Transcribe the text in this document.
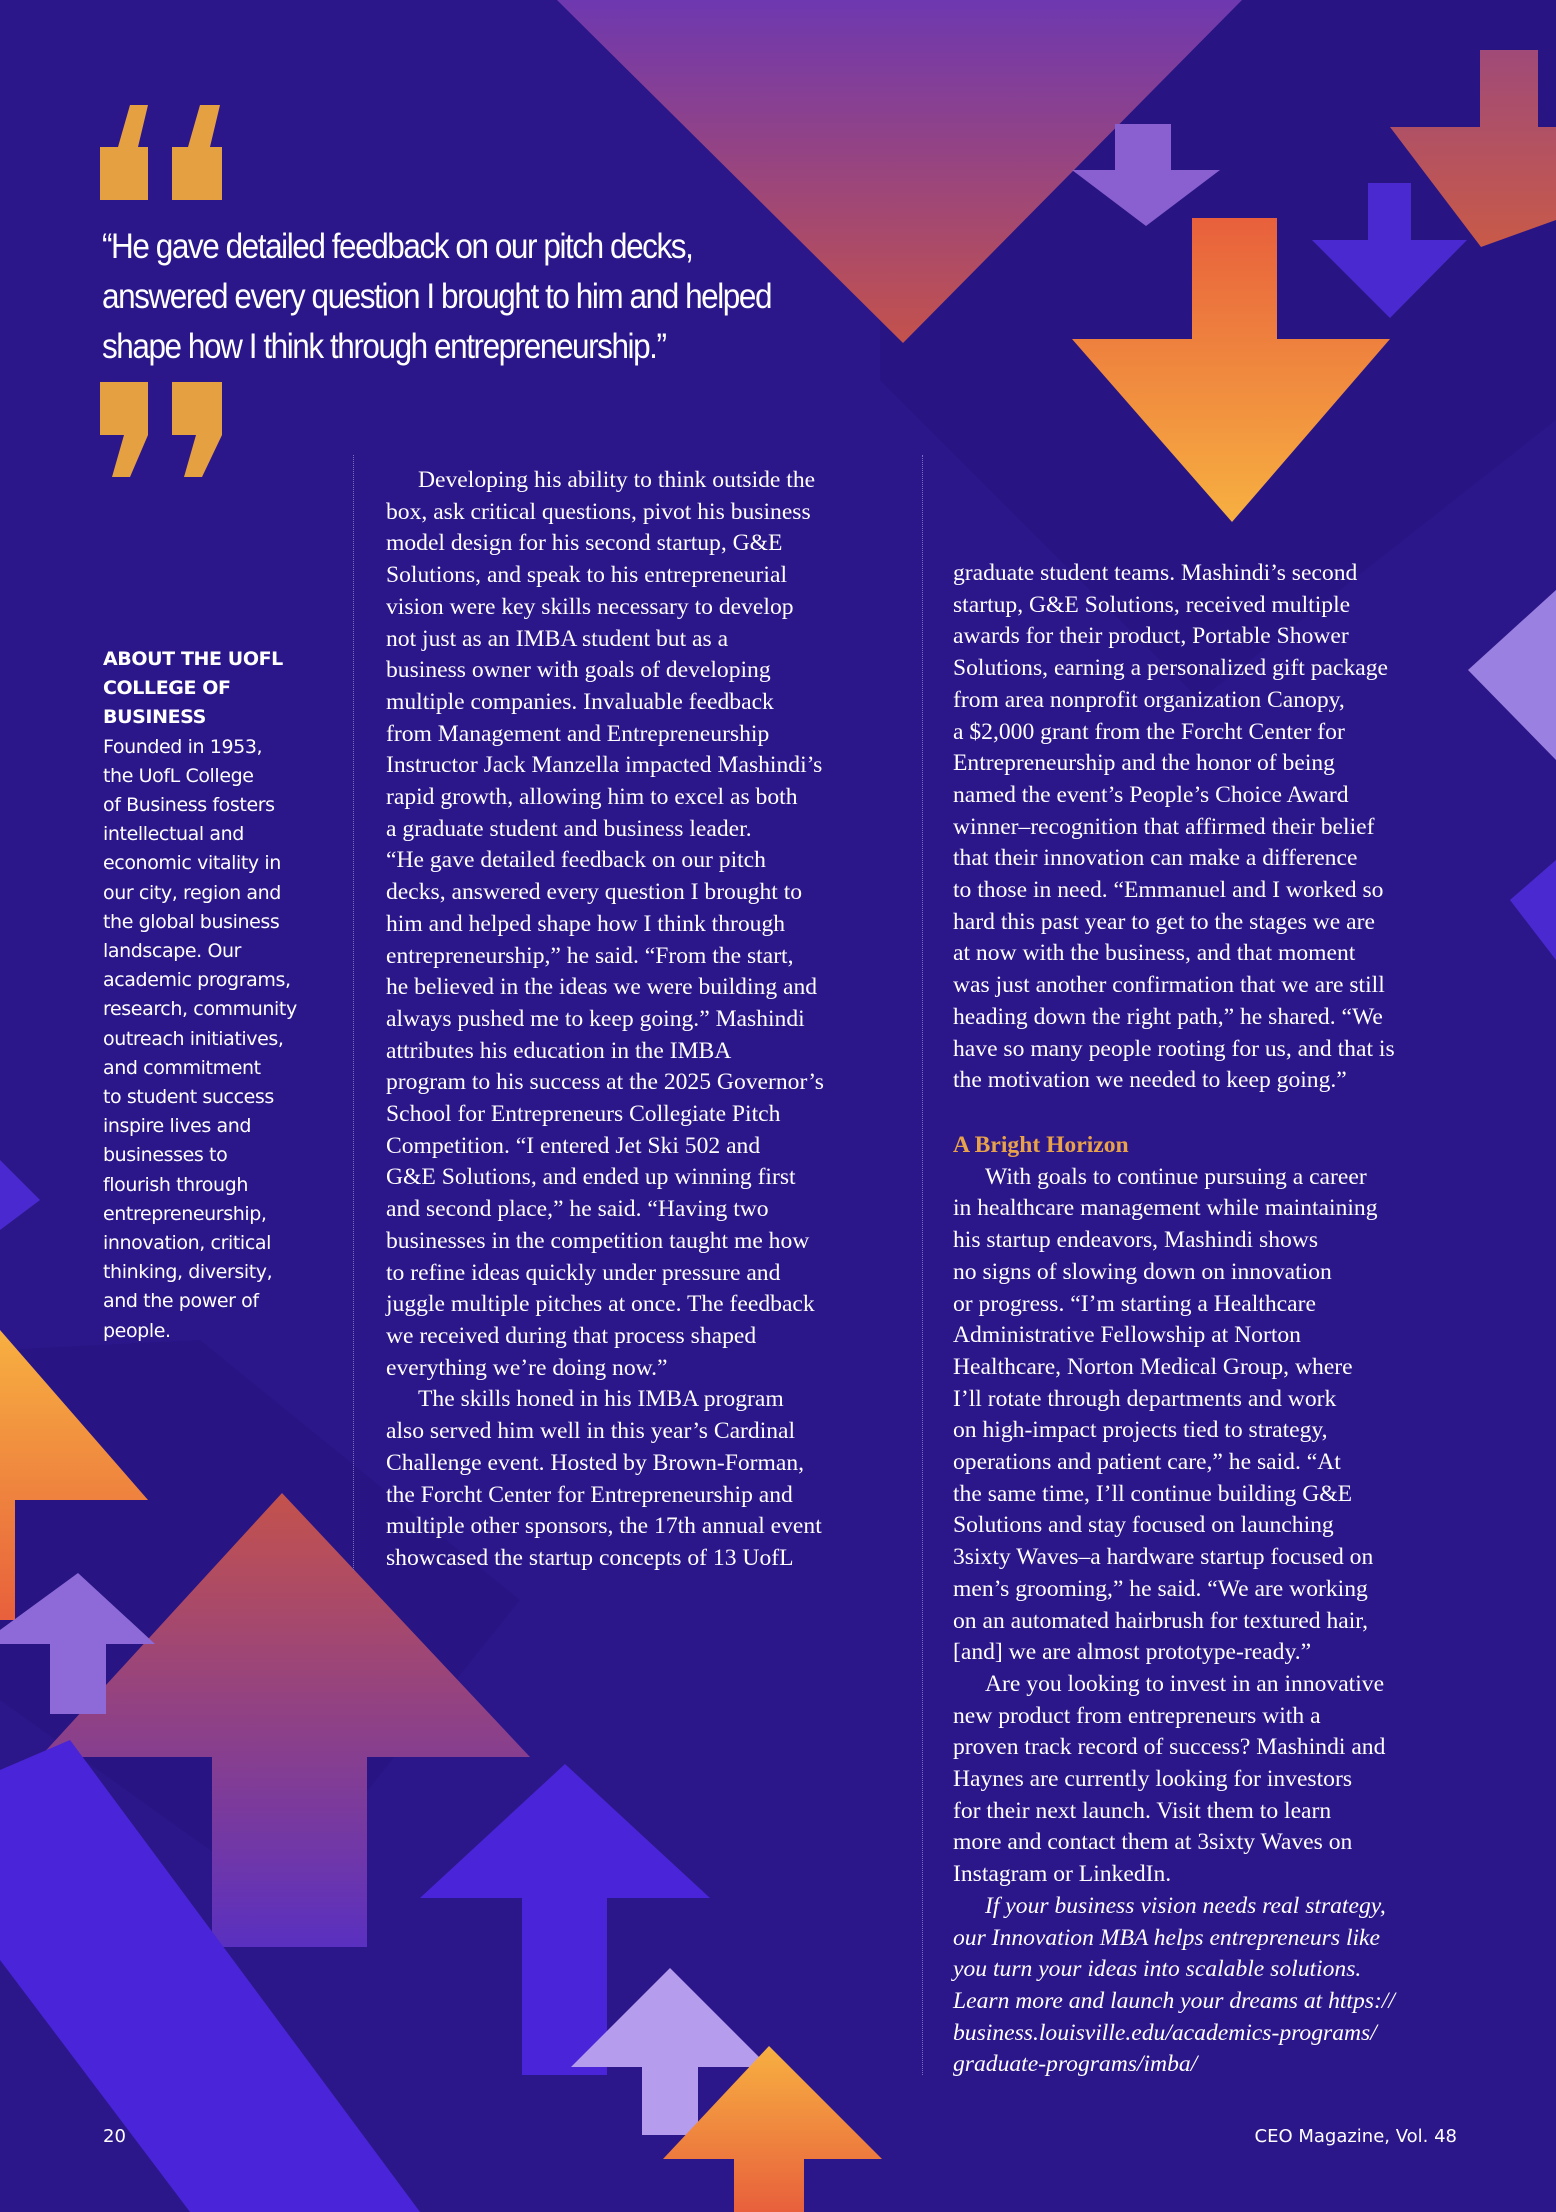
“He gave detailed feedback on our pitch decks,
answered every question I brought to him and helped
shape how I think through entrepreneurship.”
ABOUT THE UOFL
COLLEGE OF
BUSINESS
Founded in 1953,
the UofL College
of Business fosters
intellectual and
economic vitality in
our city, region and
the global business
landscape. Our
academic programs,
research, community
outreach initiatives,
and commitment
to student success
inspire lives and
businesses to
flourish through
entrepreneurship,
innovation, critical
thinking, diversity,
and the power of
people.
Developing his ability to think outside the
box, ask critical questions, pivot his business
model design for his second startup, G&E
Solutions, and speak to his entrepreneurial
vision were key skills necessary to develop
not just as an IMBA student but as a
business owner with goals of developing
multiple companies. Invaluable feedback
from Management and Entrepreneurship
Instructor Jack Manzella impacted Mashindi’s
rapid growth, allowing him to excel as both
a graduate student and business leader.
“He gave detailed feedback on our pitch
decks, answered every question I brought to
him and helped shape how I think through
entrepreneurship,” he said. “From the start,
he believed in the ideas we were building and
always pushed me to keep going.” Mashindi
attributes his education in the IMBA
program to his success at the 2025 Governor’s
School for Entrepreneurs Collegiate Pitch
Competition. “I entered Jet Ski 502 and
G&E Solutions, and ended up winning first
and second place,” he said. “Having two
businesses in the competition taught me how
to refine ideas quickly under pressure and
juggle multiple pitches at once. The feedback
we received during that process shaped
everything we’re doing now.”
The skills honed in his IMBA program
also served him well in this year’s Cardinal
Challenge event. Hosted by Brown-Forman,
the Forcht Center for Entrepreneurship and
multiple other sponsors, the 17th annual event
showcased the startup concepts of 13 UofL
graduate student teams. Mashindi’s second
startup, G&E Solutions, received multiple
awards for their product, Portable Shower
Solutions, earning a personalized gift package
from area nonprofit organization Canopy,
a $2,000 grant from the Forcht Center for
Entrepreneurship and the honor of being
named the event’s People’s Choice Award
winner–recognition that affirmed their belief
that their innovation can make a difference
to those in need. “Emmanuel and I worked so
hard this past year to get to the stages we are
at now with the business, and that moment
was just another confirmation that we are still
heading down the right path,” he shared. “We
have so many people rooting for us, and that is
the motivation we needed to keep going.”
A Bright Horizon
With goals to continue pursuing a career
in healthcare management while maintaining
his startup endeavors, Mashindi shows
no signs of slowing down on innovation
or progress. “I’m starting a Healthcare
Administrative Fellowship at Norton
Healthcare, Norton Medical Group, where
I’ll rotate through departments and work
on high-impact projects tied to strategy,
operations and patient care,” he said. “At
the same time, I’ll continue building G&E
Solutions and stay focused on launching
3sixty Waves–a hardware startup focused on
men’s grooming,” he said. “We are working
on an automated hairbrush for textured hair,
[and] we are almost prototype-ready.”
Are you looking to invest in an innovative
new product from entrepreneurs with a
proven track record of success? Mashindi and
Haynes are currently looking for investors
for their next launch. Visit them to learn
more and contact them at 3sixty Waves on
Instagram or LinkedIn.
If your business vision needs real strategy,
our Innovation MBA helps entrepreneurs like
you turn your ideas into scalable solutions.
Learn more and launch your dreams at https://
business.louisville.edu/academics-programs/
graduate-programs/imba/
20	CEO Magazine, Vol. 48
